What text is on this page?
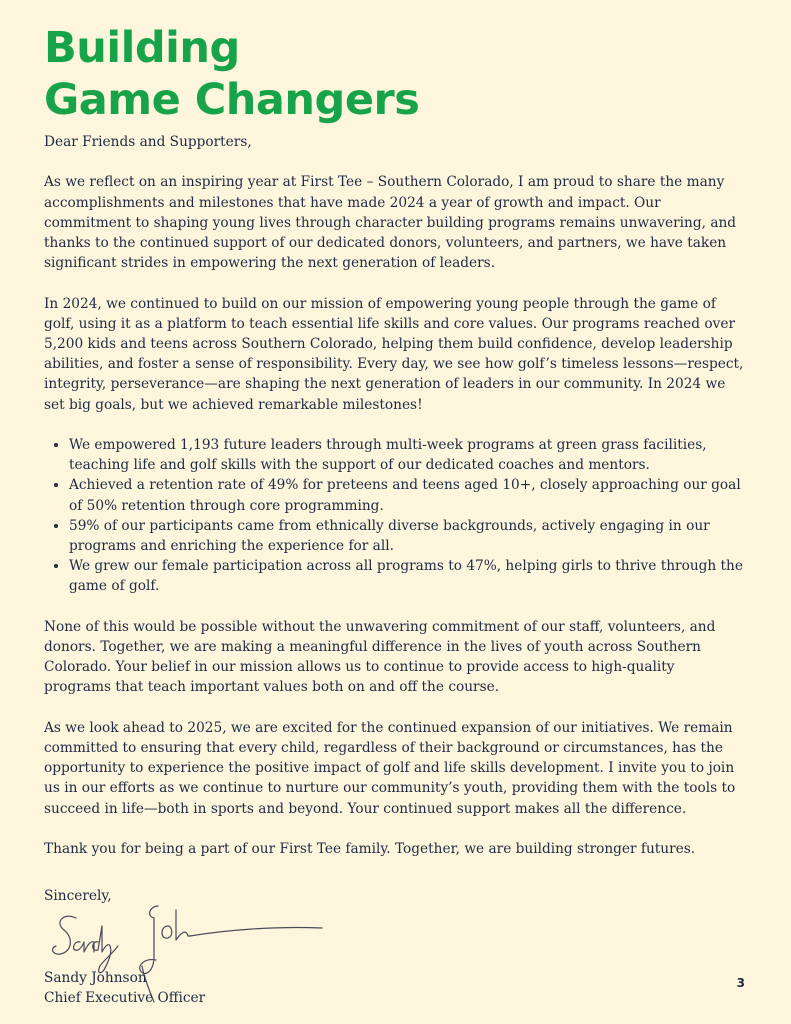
Building
Game Changers

Dear Friends and Supporters,

As we reflect on an inspiring year at First Tee – Southern Colorado, I am proud to share the many accomplishments and milestones that have made 2024 a year of growth and impact. Our commitment to shaping young lives through character building programs remains unwavering, and thanks to the continued support of our dedicated donors, volunteers, and partners, we have taken significant strides in empowering the next generation of leaders.

In 2024, we continued to build on our mission of empowering young people through the game of golf, using it as a platform to teach essential life skills and core values. Our programs reached over 5,200 kids and teens across Southern Colorado, helping them build confidence, develop leadership abilities, and foster a sense of responsibility. Every day, we see how golf’s timeless lessons—respect, integrity, perseverance—are shaping the next generation of leaders in our community. In 2024 we set big goals, but we achieved remarkable milestones!

• We empowered 1,193 future leaders through multi-week programs at green grass facilities, teaching life and golf skills with the support of our dedicated coaches and mentors.
• Achieved a retention rate of 49% for preteens and teens aged 10+, closely approaching our goal of 50% retention through core programming.
• 59% of our participants came from ethnically diverse backgrounds, actively engaging in our programs and enriching the experience for all.
• We grew our female participation across all programs to 47%, helping girls to thrive through the game of golf.

None of this would be possible without the unwavering commitment of our staff, volunteers, and donors. Together, we are making a meaningful difference in the lives of youth across Southern Colorado. Your belief in our mission allows us to continue to provide access to high-quality programs that teach important values both on and off the course.

As we look ahead to 2025, we are excited for the continued expansion of our initiatives. We remain committed to ensuring that every child, regardless of their background or circumstances, has the opportunity to experience the positive impact of golf and life skills development. I invite you to join us in our efforts as we continue to nurture our community’s youth, providing them with the tools to succeed in life—both in sports and beyond. Your continued support makes all the difference.

Thank you for being a part of our First Tee family. Together, we are building stronger futures.

Sincerely,
Sandy Johnson
Chief Executive Officer
3
